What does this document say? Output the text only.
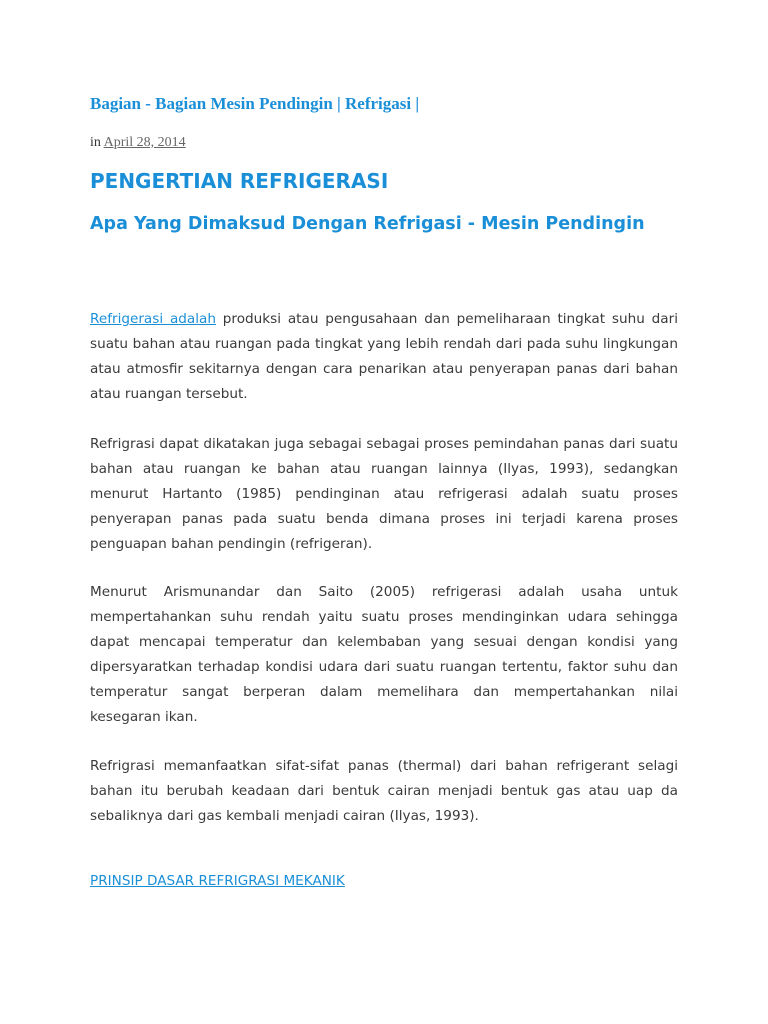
Bagian - Bagian Mesin Pendingin | Refrigasi |
in April 28, 2014
PENGERTIAN REFRIGERASI
Apa Yang Dimaksud Dengan Refrigasi - Mesin Pendingin

Refrigerasi adalah produksi atau pengusahaan dan pemeliharaan tingkat suhu dari suatu bahan atau ruangan pada tingkat yang lebih rendah dari pada suhu lingkungan atau atmosfir sekitarnya dengan cara penarikan atau penyerapan panas dari bahan atau ruangan tersebut.

Refrigrasi dapat dikatakan juga sebagai sebagai proses pemindahan panas dari suatu bahan atau ruangan ke bahan atau ruangan lainnya (Ilyas, 1993), sedangkan menurut Hartanto (1985) pendinginan atau refrigerasi adalah suatu proses penyerapan panas pada suatu benda dimana proses ini terjadi karena proses penguapan bahan pendingin (refrigeran).

Menurut Arismunandar dan Saito (2005) refrigerasi adalah usaha untuk mempertahankan suhu rendah yaitu suatu proses mendinginkan udara sehingga dapat mencapai temperatur dan kelembaban yang sesuai dengan kondisi yang dipersyaratkan terhadap kondisi udara dari suatu ruangan tertentu, faktor suhu dan temperatur sangat berperan dalam memelihara dan mempertahankan nilai kesegaran ikan.

Refrigrasi memanfaatkan sifat-sifat panas (thermal) dari bahan refrigerant selagi bahan itu berubah keadaan dari bentuk cairan menjadi bentuk gas atau uap da sebaliknya dari gas kembali menjadi cairan (Ilyas, 1993).

PRINSIP DASAR REFRIGRASI MEKANIK
